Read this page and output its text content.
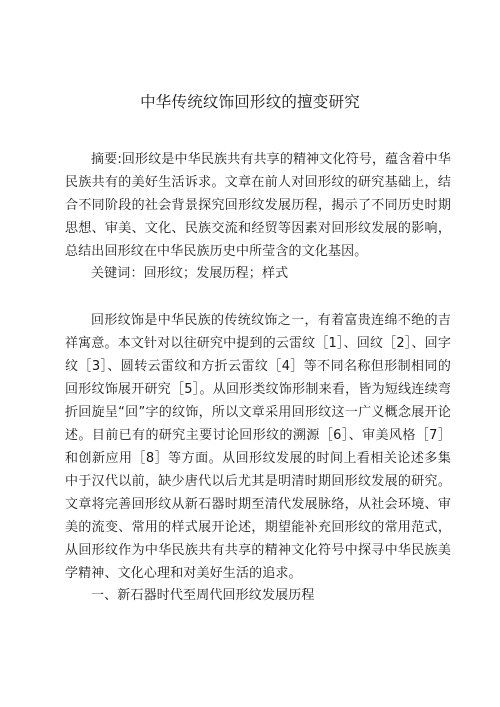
中华传统纹饰回形纹的擅变研究

摘要:回形纹是中华民族共有共享的精神文化符号，蕴含着中华民族共有的美好生活诉求。文章在前人对回形纹的研究基础上，结合不同阶段的社会背景探究回形纹发展历程，揭示了不同历史时期思想、审美、文化、民族交流和经贸等因素对回形纹发展的影响，总结出回形纹在中华民族历史中所莹含的文化基因。

关键词：回形纹；发展历程；样式

回形纹饰是中华民族的传统纹饰之一，有着富贵连绵不绝的吉祥寓意。本文针对以往研究中提到的云雷纹［1］、回纹［2］、回字纹［3］、圆转云雷纹和方折云雷纹［4］等不同名称但形制相同的回形纹饰展开研究［5］。从回形类纹饰形制来看，皆为短线连续弯折回旋呈“回”字的纹饰，所以文章采用回形纹这一广义概念展开论述。目前已有的研究主要讨论回形纹的溯源［6］、审美风格［7］和创新应用［8］等方面。从回形纹发展的时间上看相关论述多集中于汉代以前，缺少唐代以后尤其是明清时期回形纹发展的研究。文章将完善回形纹从新石器时期至清代发展脉络，从社会环境、审美的流变、常用的样式展开论述，期望能补充回形纹的常用范式，从回形纹作为中华民族共有共享的精神文化符号中探寻中华民族美学精神、文化心理和对美好生活的追求。

一、新石器时代至周代回形纹发展历程
